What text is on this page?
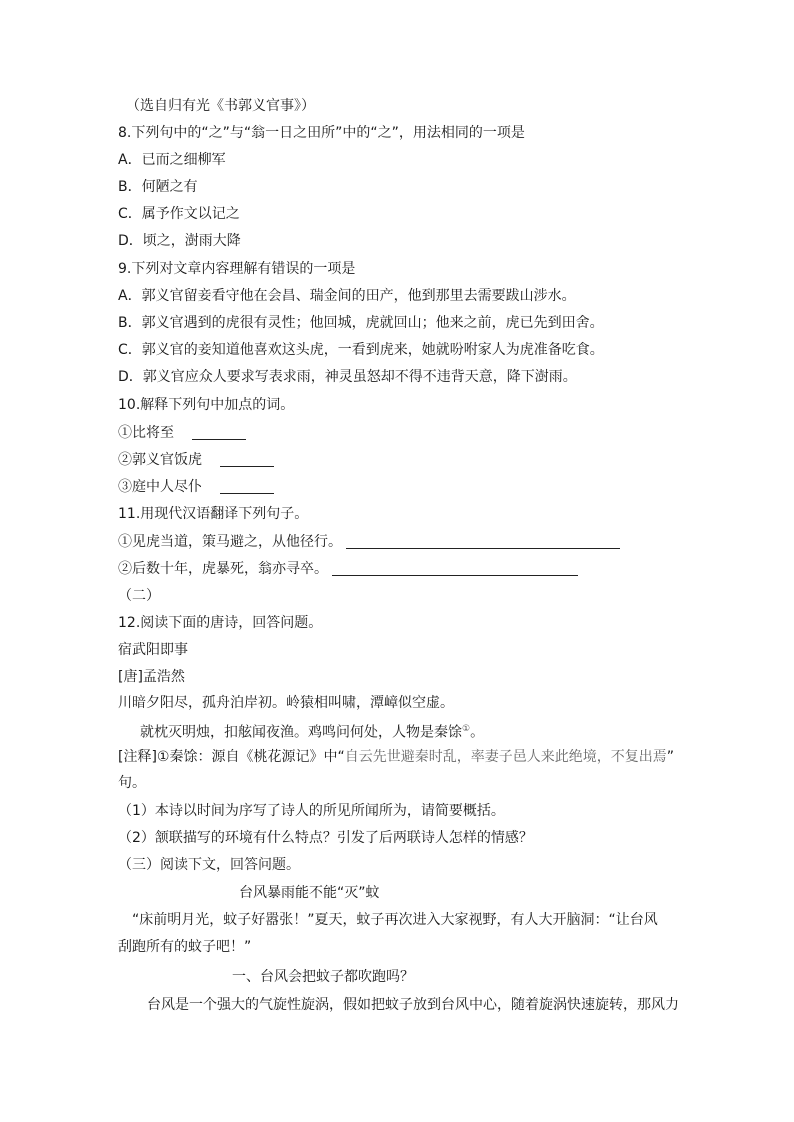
（选自归有光《书郭义官事》）
8.下列句中的“之”与“翁一日之田所”中的“之”，用法相同的一项是
A．已而之细柳军
B．何陋之有
C．属予作文以记之
D．顷之，澍雨大降
9.下列对文章内容理解有错误的一项是
A．郭义官留妾看守他在会昌、瑞金间的田产，他到那里去需要跋山涉水。
B．郭义官遇到的虎很有灵性；他回城，虎就回山；他来之前，虎已先到田舍。
C．郭义官的妾知道他喜欢这头虎，一看到虎来，她就吩咐家人为虎准备吃食。
D．郭义官应众人要求写表求雨，神灵虽怒却不得不违背天意，降下澍雨。
10.解释下列句中加点的词。
①比将至
②郭义官饭虎
③庭中人尽仆
11.用现代汉语翻译下列句子。
①见虎当道，策马避之，从他径行。
②后数十年，虎暴死，翁亦寻卒。
（二）
12.阅读下面的唐诗，回答问题。
宿武阳即事
[唐]孟浩然
川暗夕阳尽，孤舟泊岸初。岭猿相叫啸，潭嶂似空虚。
就枕灭明烛，扣舷闻夜渔。鸡鸣问何处，人物是秦馀①。
[注释]①秦馀：源自《桃花源记》中“自云先世避秦时乱，率妻子邑人来此绝境，不复出焉”
句。
（1）本诗以时间为序写了诗人的所见所闻所为，请简要概括。
（2）颔联描写的环境有什么特点？引发了后两联诗人怎样的情感？
（三）阅读下文，回答问题。
台风暴雨能不能“灭”蚊
“床前明月光，蚊子好嚣张！”夏天，蚊子再次进入大家视野，有人大开脑洞：“让台风
刮跑所有的蚊子吧！”
一、台风会把蚊子都吹跑吗？
台风是一个强大的气旋性旋涡，假如把蚊子放到台风中心，随着旋涡快速旋转，那风力
